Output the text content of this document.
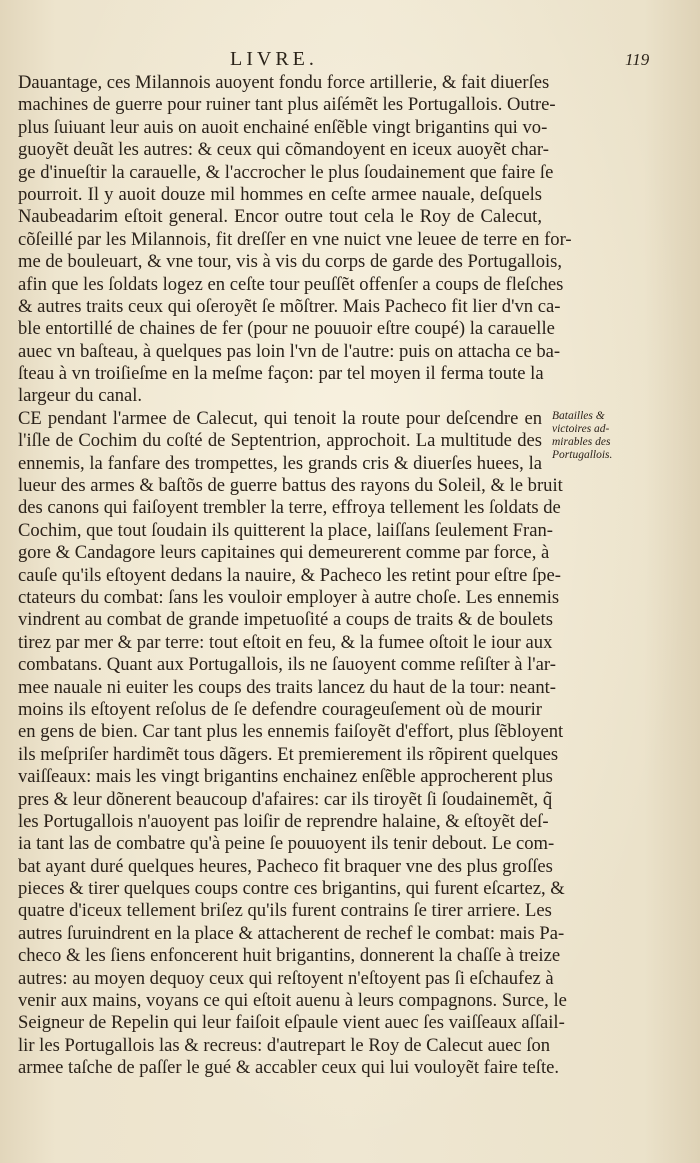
LIVRE.	119
Dauantage, ces Milannois auoyent fondu force artillerie, & fait diuerſes
machines de guerre pour ruiner tant plus aiſémẽt les Portugallois. Outre-
plus ſuiuant leur auis on auoit enchainé enſẽble vingt brigantins qui vo-
guoyẽt deuãt les autres: & ceux qui cõmandoyent en iceux auoyẽt char-
ge d'inueſtir la carauelle, & l'accrocher le plus ſoudainement que faire ſe
pourroit. Il y auoit douze mil hommes en ceſte armee nauale, deſquels
Naubeadarim eſtoit general. Encor outre tout cela le Roy de Calecut,
cõſeillé par les Milannois, fit dreſſer en vne nuict vne leuee de terre en for-
me de bouleuart, & vne tour, vis à vis du corps de garde des Portugallois,
afin que les ſoldats logez en ceſte tour peuſſẽt offenſer a coups de fleſches
& autres traits ceux qui oſeroyẽt ſe mõſtrer. Mais Pacheco fit lier d'vn ca-
ble entortillé de chaines de fer (pour ne pouuoir eſtre coupé) la carauelle
auec vn baſteau, à quelques pas loin l'vn de l'autre: puis on attacha ce ba-
ſteau à vn troiſieſme en la meſme façon: par tel moyen il ferma toute la
largeur du canal.
CE pendant l'armee de Calecut, qui tenoit la route pour deſcendre en
l'iſle de Cochim du coſté de Septentrion, approchoit. La multitude des
ennemis, la fanfare des trompettes, les grands cris & diuerſes huees, la
lueur des armes & baſtõs de guerre battus des rayons du Soleil, & le bruit
des canons qui faiſoyent trembler la terre, effroya tellement les ſoldats de
Cochim, que tout ſoudain ils quitterent la place, laiſſans ſeulement Fran-
gore & Candagore leurs capitaines qui demeurerent comme par force, à
cauſe qu'ils eſtoyent dedans la nauire, & Pacheco les retint pour eſtre ſpe-
ctateurs du combat: ſans les vouloir employer à autre choſe. Les ennemis
vindrent au combat de grande impetuoſité a coups de traits & de boulets
tirez par mer & par terre: tout eſtoit en feu, & la fumee oſtoit le iour aux
combatans. Quant aux Portugallois, ils ne ſauoyent comme reſiſter à l'ar-
mee nauale ni euiter les coups des traits lancez du haut de la tour: neant-
moins ils eſtoyent reſolus de ſe defendre courageuſement où de mourir
en gens de bien. Car tant plus les ennemis faiſoyẽt d'effort, plus ſẽbloyent
ils meſpriſer hardimẽt tous dãgers. Et premierement ils rõpirent quelques
vaiſſeaux: mais les vingt brigantins enchainez enſẽble approcherent plus
pres & leur dõnerent beaucoup d'afaires: car ils tiroyẽt ſi ſoudainemẽt, q̃
les Portugallois n'auoyent pas loiſir de reprendre halaine, & eſtoyẽt deſ-
ia tant las de combatre qu'à peine ſe pouuoyent ils tenir debout. Le com-
bat ayant duré quelques heures, Pacheco fit braquer vne des plus groſſes
pieces & tirer quelques coups contre ces brigantins, qui furent eſcartez, &
quatre d'iceux tellement briſez qu'ils furent contrains ſe tirer arriere. Les
autres ſuruindrent en la place & attacherent de rechef le combat: mais Pa-
checo & les ſiens enfoncerent huit brigantins, donnerent la chaſſe à treize
autres: au moyen dequoy ceux qui reſtoyent n'eſtoyent pas ſi eſchaufez à
venir aux mains, voyans ce qui eſtoit auenu à leurs compagnons. Surce, le
Seigneur de Repelin qui leur faiſoit eſpaule vient auec ſes vaiſſeaux aſſail-
lir les Portugallois las & recreus: d'autrepart le Roy de Calecut auec ſon
armee taſche de paſſer le gué & accabler ceux qui lui vouloyẽt faire teſte.
Batailles &
victoires ad-
mirables des
Portugallois.
